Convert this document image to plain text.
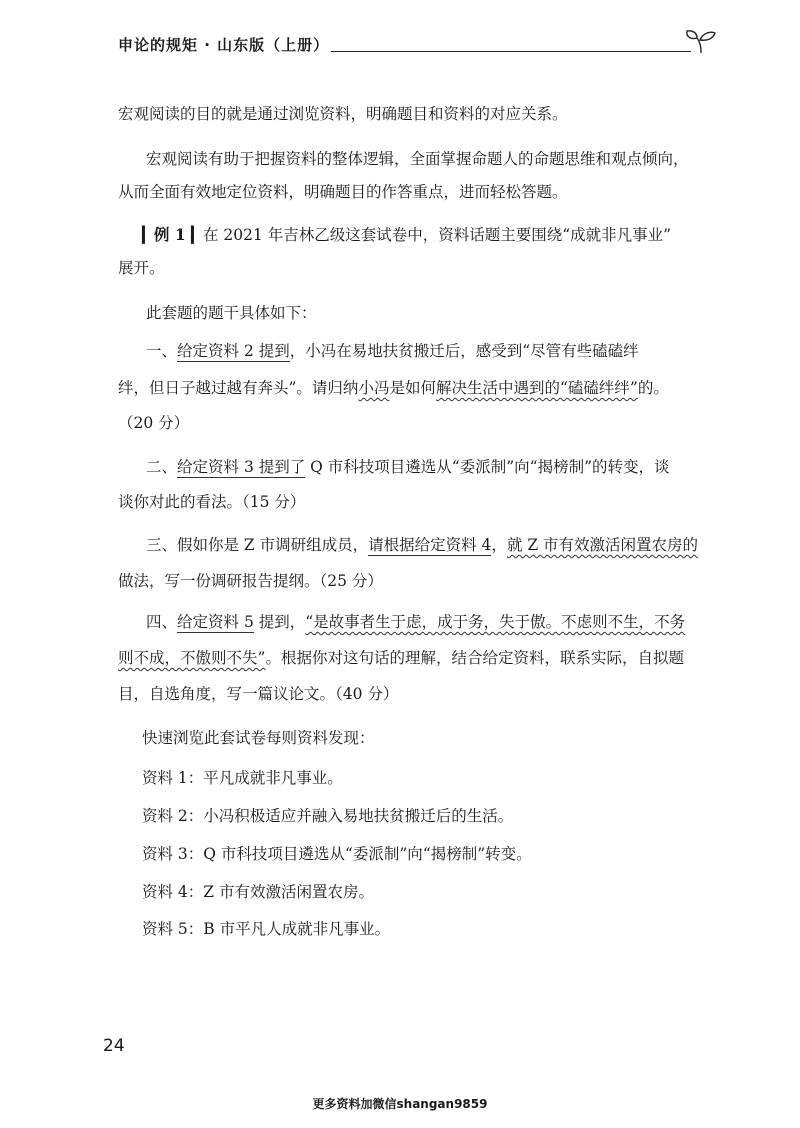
申论的规矩 · 山东版（上册）

宏观阅读的目的就是通过浏览资料，明确题目和资料的对应关系。

宏观阅读有助于把握资料的整体逻辑，全面掌握命题人的命题思维和观点倾向，

从而全面有效地定位资料，明确题目的作答重点，进而轻松答题。

▎例 1 ▎在 2021 年吉林乙级这套试卷中，资料话题主要围绕“成就非凡事业”

展开。

此套题的题干具体如下：

一、给定资料 2 提到，小冯在易地扶贫搬迁后，感受到“尽管有些磕磕绊

绊，但日子越过越有奔头”。请归纳小冯是如何解决生活中遇到的“磕磕绊绊”的。

（20 分）

二、给定资料 3 提到了 Q 市科技项目遴选从“委派制”向“揭榜制”的转变，谈

谈你对此的看法。（15 分）

三、假如你是 Z 市调研组成员，请根据给定资料 4，就 Z 市有效激活闲置农房的

做法，写一份调研报告提纲。（25 分）

四、给定资料 5 提到，“是故事者生于虑，成于务，失于傲。不虑则不生，不务

则不成，不傲则不失”。根据你对这句话的理解，结合给定资料，联系实际，自拟题

目，自选角度，写一篇议论文。（40 分）

快速浏览此套试卷每则资料发现：

资料 1：平凡成就非凡事业。

资料 2：小冯积极适应并融入易地扶贫搬迁后的生活。

资料 3：Q 市科技项目遴选从“委派制”向“揭榜制”转变。

资料 4：Z 市有效激活闲置农房。

资料 5：B 市平凡人成就非凡事业。

24
更多资料加微信shangan9859
